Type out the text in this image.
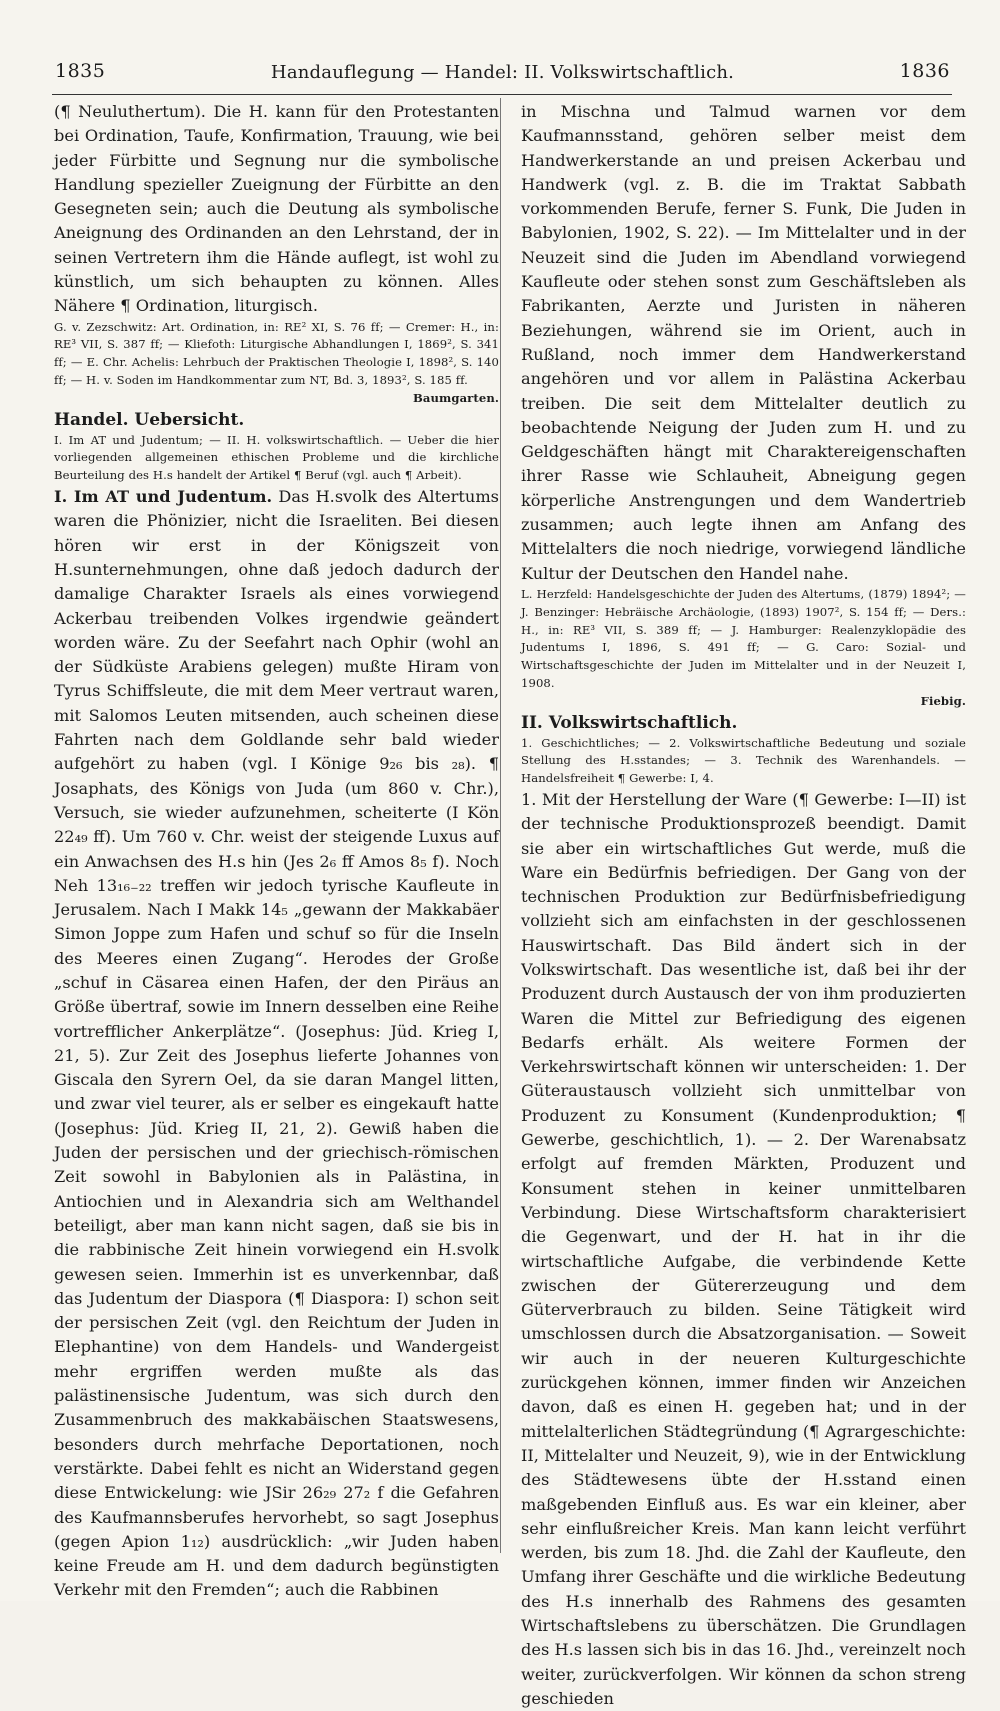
1835	Handauflegung — Handel: II. Volkswirtschaftlich.	1836

(¶ Neuluthertum). Die H. kann für den Protestanten bei Ordination, Taufe, Konfirmation, Trauung, wie bei jeder Fürbitte und Segnung nur die symbolische Handlung spezieller Zueignung der Fürbitte an den Gesegneten sein; auch die Deutung als symbolische Aneignung des Ordinanden an den Lehrstand, der in seinen Vertretern ihm die Hände auflegt, ist wohl zu künstlich, um sich behaupten zu können. Alles Nähere ¶ Ordination, liturgisch.

G. v. Zezschwitz: Art. Ordination, in: RE² XI, S. 76 ff; — Cremer: H., in: RE³ VII, S. 387 ff; — Kliefoth: Liturgische Abhandlungen I, 1869², S. 341 ff; — E. Chr. Achelis: Lehrbuch der Praktischen Theologie I, 1898², S. 140 ff; — H. v. Soden im Handkommentar zum NT, Bd. 3, 1893², S. 185 ff.
Baumgarten.

Handel. Uebersicht.

I. Im AT und Judentum; — II. H. volkswirtschaftlich. — Ueber die hier vorliegenden allgemeinen ethischen Probleme und die kirchliche Beurteilung des H.s handelt der Artikel ¶ Beruf (vgl. auch ¶ Arbeit).

I. Im AT und Judentum. Das H.svolk des Altertums waren die Phönizier, nicht die Israeliten. Bei diesen hören wir erst in der Königszeit von H.sunternehmungen, ohne daß jedoch dadurch der damalige Charakter Israels als eines vorwiegend Ackerbau treibenden Volkes irgendwie geändert worden wäre. Zu der Seefahrt nach Ophir (wohl an der Südküste Arabiens gelegen) mußte Hiram von Tyrus Schiffsleute, die mit dem Meer vertraut waren, mit Salomos Leuten mitsenden, auch scheinen diese Fahrten nach dem Goldlande sehr bald wieder aufgehört zu haben (vgl. I Könige 9₂₆ bis ₂₈). ¶ Josaphats, des Königs von Juda (um 860 v. Chr.), Versuch, sie wieder aufzunehmen, scheiterte (I Kön 22₄₉ ff). Um 760 v. Chr. weist der steigende Luxus auf ein Anwachsen des H.s hin (Jes 2₆ ff Amos 8₅ f). Noch Neh 13₁₆₋₂₂ treffen wir jedoch tyrische Kaufleute in Jerusalem. Nach I Makk 14₅ „gewann der Makkabäer Simon Joppe zum Hafen und schuf so für die Inseln des Meeres einen Zugang“. Herodes der Große „schuf in Cäsarea einen Hafen, der den Piräus an Größe übertraf, sowie im Innern desselben eine Reihe vortrefflicher Ankerplätze“. (Josephus: Jüd. Krieg I, 21, 5). Zur Zeit des Josephus lieferte Johannes von Giscala den Syrern Oel, da sie daran Mangel litten, und zwar viel teurer, als er selber es eingekauft hatte (Josephus: Jüd. Krieg II, 21, 2). Gewiß haben die Juden der persischen und der griechisch-römischen Zeit sowohl in Babylonien als in Palästina, in Antiochien und in Alexandria sich am Welthandel beteiligt, aber man kann nicht sagen, daß sie bis in die rabbinische Zeit hinein vorwiegend ein H.svolk gewesen seien. Immerhin ist es unverkennbar, daß das Judentum der Diaspora (¶ Diaspora: I) schon seit der persischen Zeit (vgl. den Reichtum der Juden in Elephantine) von dem Handels- und Wandergeist mehr ergriffen werden mußte als das palästinensische Judentum, was sich durch den Zusammenbruch des makkabäischen Staatswesens, besonders durch mehrfache Deportationen, noch verstärkte. Dabei fehlt es nicht an Widerstand gegen diese Entwickelung: wie JSir 26₂₉ 27₂ f die Gefahren des Kaufmannsberufes hervorhebt, so sagt Josephus (gegen Apion 1₁₂) ausdrücklich: „wir Juden haben keine Freude am H. und dem dadurch begünstigten Verkehr mit den Fremden“; auch die Rabbinen

in Mischna und Talmud warnen vor dem Kaufmannsstand, gehören selber meist dem Handwerkerstande an und preisen Ackerbau und Handwerk (vgl. z. B. die im Traktat Sabbath vorkommenden Berufe, ferner S. Funk, Die Juden in Babylonien, 1902, S. 22). — Im Mittelalter und in der Neuzeit sind die Juden im Abendland vorwiegend Kaufleute oder stehen sonst zum Geschäftsleben als Fabrikanten, Aerzte und Juristen in näheren Beziehungen, während sie im Orient, auch in Rußland, noch immer dem Handwerkerstand angehören und vor allem in Palästina Ackerbau treiben. Die seit dem Mittelalter deutlich zu beobachtende Neigung der Juden zum H. und zu Geldgeschäften hängt mit Charaktereigenschaften ihrer Rasse wie Schlauheit, Abneigung gegen körperliche Anstrengungen und dem Wandertrieb zusammen; auch legte ihnen am Anfang des Mittelalters die noch niedrige, vorwiegend ländliche Kultur der Deutschen den Handel nahe.

L. Herzfeld: Handelsgeschichte der Juden des Altertums, (1879) 1894²; — J. Benzinger: Hebräische Archäologie, (1893) 1907², S. 154 ff; — Ders.: H., in: RE³ VII, S. 389 ff; — J. Hamburger: Realenzyklopädie des Judentums I, 1896, S. 491 ff; — G. Caro: Sozial- und Wirtschaftsgeschichte der Juden im Mittelalter und in der Neuzeit I, 1908.
Fiebig.

II. Volkswirtschaftlich.

1. Geschichtliches; — 2. Volkswirtschaftliche Bedeutung und soziale Stellung des H.sstandes; — 3. Technik des Warenhandels. — Handelsfreiheit ¶ Gewerbe: I, 4.

1. Mit der Herstellung der Ware (¶ Gewerbe: I—II) ist der technische Produktionsprozeß beendigt. Damit sie aber ein wirtschaftliches Gut werde, muß die Ware ein Bedürfnis befriedigen. Der Gang von der technischen Produktion zur Bedürfnisbefriedigung vollzieht sich am einfachsten in der geschlossenen Hauswirtschaft. Das Bild ändert sich in der Volkswirtschaft. Das wesentliche ist, daß bei ihr der Produzent durch Austausch der von ihm produzierten Waren die Mittel zur Befriedigung des eigenen Bedarfs erhält. Als weitere Formen der Verkehrswirtschaft können wir unterscheiden: 1. Der Güteraustausch vollzieht sich unmittelbar von Produzent zu Konsument (Kundenproduktion; ¶ Gewerbe, geschichtlich, 1). — 2. Der Warenabsatz erfolgt auf fremden Märkten, Produzent und Konsument stehen in keiner unmittelbaren Verbindung. Diese Wirtschaftsform charakterisiert die Gegenwart, und der H. hat in ihr die wirtschaftliche Aufgabe, die verbindende Kette zwischen der Gütererzeugung und dem Güterverbrauch zu bilden. Seine Tätigkeit wird umschlossen durch die Absatzorganisation. — Soweit wir auch in der neueren Kulturgeschichte zurückgehen können, immer finden wir Anzeichen davon, daß es einen H. gegeben hat; und in der mittelalterlichen Städtegründung (¶ Agrargeschichte: II, Mittelalter und Neuzeit, 9), wie in der Entwicklung des Städtewesens übte der H.sstand einen maßgebenden Einfluß aus. Es war ein kleiner, aber sehr einflußreicher Kreis. Man kann leicht verführt werden, bis zum 18. Jhd. die Zahl der Kaufleute, den Umfang ihrer Geschäfte und die wirkliche Bedeutung des H.s innerhalb des Rahmens des gesamten Wirtschaftslebens zu überschätzen. Die Grundlagen des H.s lassen sich bis in das 16. Jhd., vereinzelt noch weiter, zurückverfolgen. Wir können da schon streng geschieden
